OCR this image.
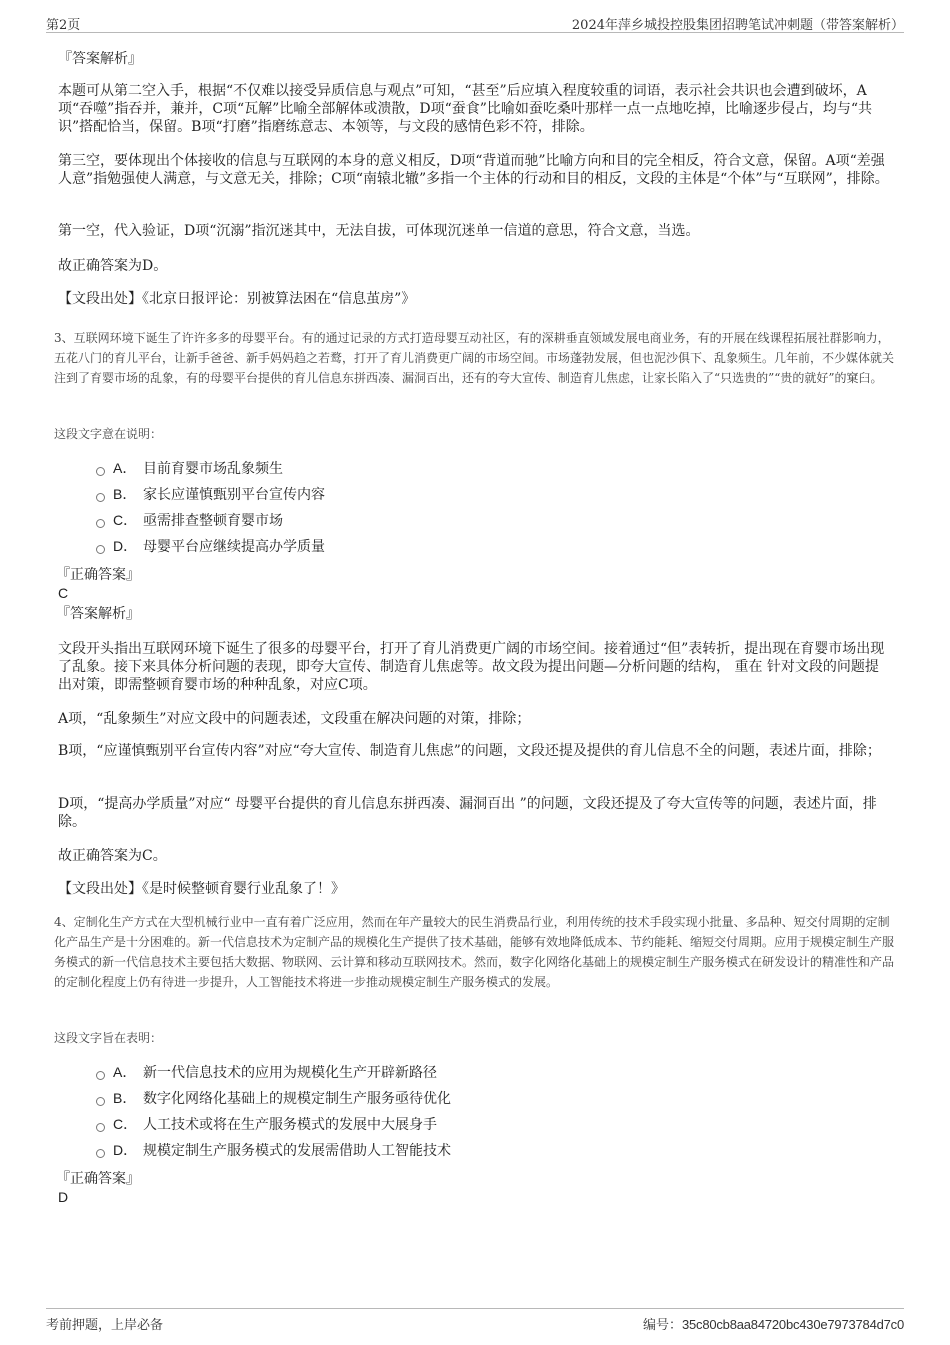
第2页	2024年萍乡城投控股集团招聘笔试冲刺题（带答案解析）
『答案解析』

本题可从第二空入手，根据“不仅难以接受异质信息与观点”可知，“甚至”后应填入程度较重的词语，表示社会共识也会遭到破坏，A项“吞噬”指吞并，兼并，C项“瓦解”比喻全部解体或溃散，D项“蚕食”比喻如蚕吃桑叶那样一点一点地吃掉，比喻逐步侵占，均与“共识”搭配恰当，保留。B项“打磨”指磨练意志、本领等，与文段的感情色彩不符，排除。

第三空，要体现出个体接收的信息与互联网的本身的意义相反，D项“背道而驰”比喻方向和目的完全相反，符合文意，保留。A项“差强人意”指勉强使人满意，与文意无关，排除；C项“南辕北辙”多指一个主体的行动和目的相反，文段的主体是“个体”与“互联网”，排除。

第一空，代入验证，D项“沉溺”指沉迷其中，无法自拔，可体现沉迷单一信道的意思，符合文意，当选。

故正确答案为D。

【文段出处】《北京日报评论：别被算法困在“信息茧房”》

3、互联网环境下诞生了许许多多的母婴平台。有的通过记录的方式打造母婴互动社区，有的深耕垂直领域发展电商业务，有的开展在线课程拓展社群影响力，五花八门的育儿平台，让新手爸爸、新手妈妈趋之若鹜，打开了育儿消费更广阔的市场空间。市场蓬勃发展，但也泥沙俱下、乱象频生。几年前，不少媒体就关注到了育婴市场的乱象，有的母婴平台提供的育儿信息东拼西凑、漏洞百出，还有的夸大宣传、制造育儿焦虑，让家长陷入了“只选贵的”“贵的就好”的窠臼。

这段文字意在说明：
A． 目前育婴市场乱象频生
B． 家长应谨慎甄别平台宣传内容
C． 亟需排查整顿育婴市场
D． 母婴平台应继续提高办学质量
『正确答案』
C
『答案解析』

文段开头指出互联网环境下诞生了很多的母婴平台，打开了育儿消费更广阔的市场空间。接着通过“但”表转折，提出现在育婴市场出现了乱象。接下来具体分析问题的表现，即夸大宣传、制造育儿焦虑等。故文段为提出问题—分析问题的结构， 重在 针对文段的问题提出对策，即需整顿育婴市场的种种乱象，对应C项。

A项，“乱象频生”对应文段中的问题表述，文段重在解决问题的对策，排除；

B项，“应谨慎甄别平台宣传内容”对应“夸大宣传、制造育儿焦虑”的问题，文段还提及提供的育儿信息不全的问题，表述片面，排除；

D项，“提高办学质量”对应“ 母婴平台提供的育儿信息东拼西凑、漏洞百出 ”的问题，文段还提及了夸大宣传等的问题，表述片面，排除。

故正确答案为C。

【文段出处】《是时候整顿育婴行业乱象了！》

4、定制化生产方式在大型机械行业中一直有着广泛应用，然而在年产量较大的民生消费品行业，利用传统的技术手段实现小批量、多品种、短交付周期的定制化产品生产是十分困难的。新一代信息技术为定制产品的规模化生产提供了技术基础，能够有效地降低成本、节约能耗、缩短交付周期。应用于规模定制生产服务模式的新一代信息技术主要包括大数据、物联网、云计算和移动互联网技术。然而，数字化网络化基础上的规模定制生产服务模式在研发设计的精准性和产品的定制化程度上仍有待进一步提升，人工智能技术将进一步推动规模定制生产服务模式的发展。

这段文字旨在表明：
A． 新一代信息技术的应用为规模化生产开辟新路径
B． 数字化网络化基础上的规模定制生产服务亟待优化
C． 人工技术或将在生产服务模式的发展中大展身手
D． 规模定制生产服务模式的发展需借助人工智能技术
『正确答案』
D
考前押题，上岸必备	编号：35c80cb8aa84720bc430e7973784d7c0
